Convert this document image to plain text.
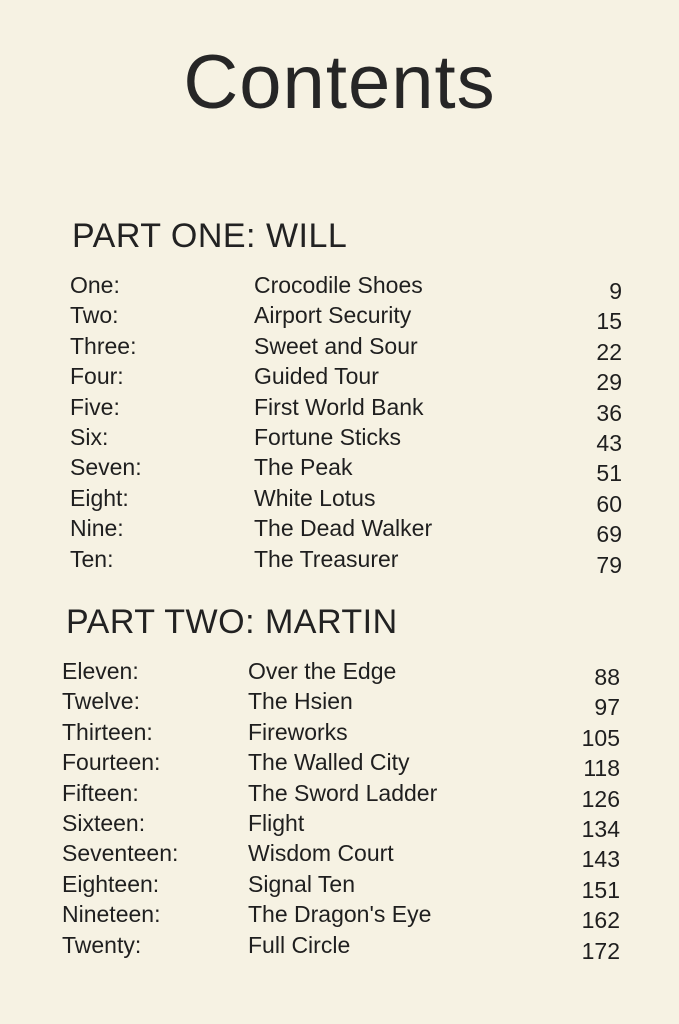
Contents
PART ONE: WILL
One:	Crocodile Shoes	9
Two:	Airport Security	15
Three:	Sweet and Sour	22
Four:	Guided Tour	29
Five:	First World Bank	36
Six:	Fortune Sticks	43
Seven:	The Peak	51
Eight:	White Lotus	60
Nine:	The Dead Walker	69
Ten:	The Treasurer	79
PART TWO: MARTIN
Eleven:	Over the Edge	88
Twelve:	The Hsien	97
Thirteen:	Fireworks	105
Fourteen:	The Walled City	118
Fifteen:	The Sword Ladder	126
Sixteen:	Flight	134
Seventeen:	Wisdom Court	143
Eighteen:	Signal Ten	151
Nineteen:	The Dragon's Eye	162
Twenty:	Full Circle	172
